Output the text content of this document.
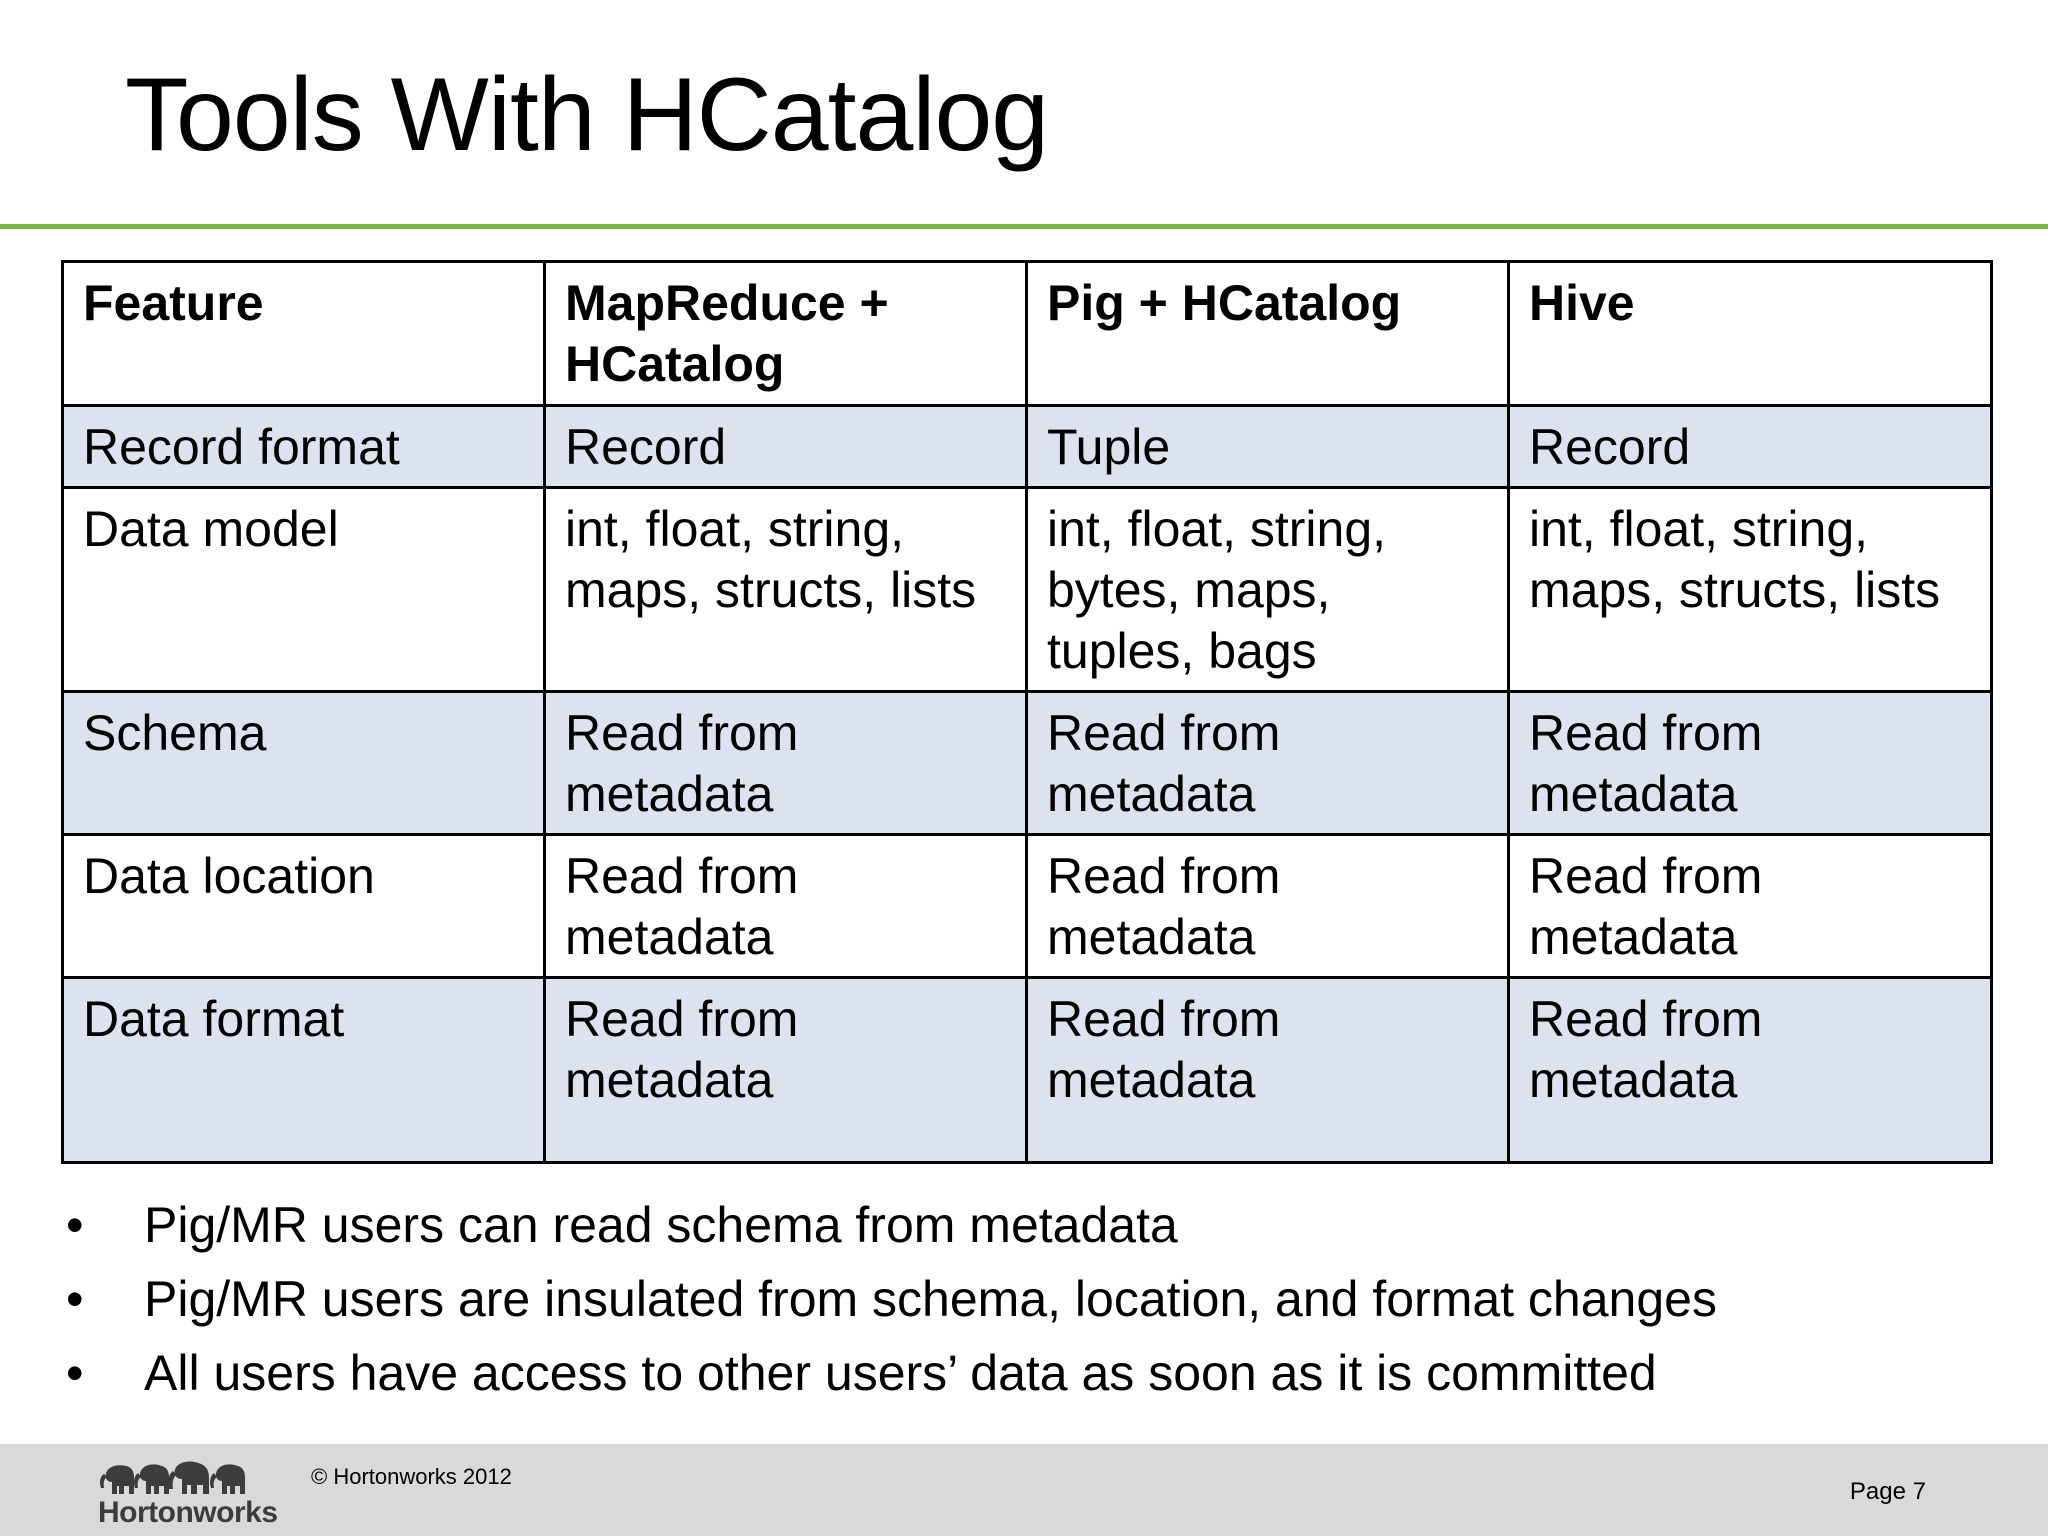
Tools With HCatalog
Feature	MapReduce + HCatalog	Pig + HCatalog	Hive
Record format	Record	Tuple	Record
Data model	int, float, string, maps, structs, lists	int, float, string, bytes, maps, tuples, bags	int, float, string, maps, structs, lists
Schema	Read from metadata	Read from metadata	Read from metadata
Data location	Read from metadata	Read from metadata	Read from metadata
Data format	Read from metadata	Read from metadata	Read from metadata
• Pig/MR users can read schema from metadata
• Pig/MR users are insulated from schema, location, and format changes
• All users have access to other users’ data as soon as it is committed
Hortonworks
© Hortonworks 2012
Page 7
